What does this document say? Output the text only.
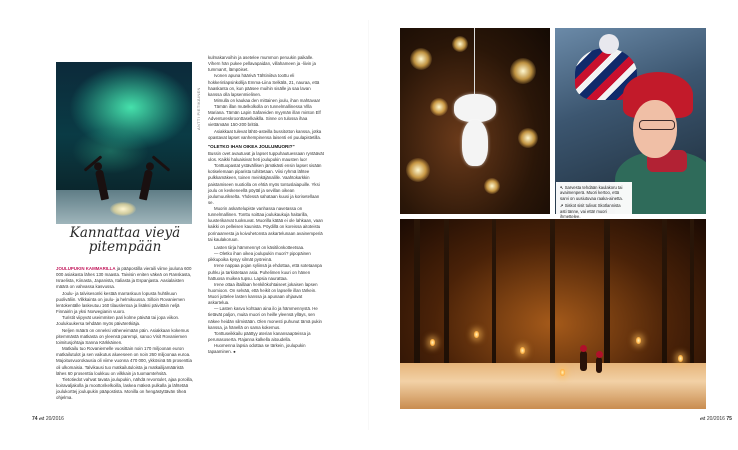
ANTTI PIETIKÄINEN
Kannattaa vieyä pitempään

JOULUPUKIN KAMMARILLA ja pääpostilla vieraili viime jouluna 600 000 asiakasta lähes 130 maasta. Taivisin eniten väkeä on Ranskasta, Israelista, Kiinasta, Japanista, Italiasta ja Espanjasta. Aasialaisten määrä on vahvassa kasvussa.

Joulu- ja talvisesonki kestää marraskuun lopusta huhtikuun puoliväliin. Vilkkainta on joulu- ja helmikuussa. Silloin Rovaniemen lentokentälle laskeutuu 160 tilauslentoa ja lisäksi päivittäin neljä Finnairin ja yksi Norwegianin vuoro.

Turistit viipyvät useimmiten pari kolme päivää tai jopa viikon. Joulukuukersa tehdään myös päiväretkiäja.

Neljen määrä on onneksi väheneimään päin. Asiakkaan kokemus pitemmästä matkasta on yleensä parempi, sanoo Visit Rovaniemen toimitusjohtaja Sanna Kärkkäinen.

Matkailu tuo Rovaniemelle vuosittain noin 170 miljoonan euron matkailutulot ja sen vaikutus alueeseen on noin 260 miljoonaa euroa. Majoitusvuorokausia oli viime vuonna 470 000, ykkösinä 55 prosenttia oli ulkomaisia. Talvikausi tuo matkailutuloista ja matkailijamääristä lähes 60 prosenttia loukkuu on vilkkain ja tuomamtehsitä.

Tietotiedot vahvat tavata joulupukin, nähdä revontulet, ajaa poroilla, koiravaljakolla ja moottorikelkoilla, laskea mäkeä pulkalla ja lähtetää joulukorttej joulupukin pääpostista. Monilla on hengästyttävän tiheä ohjelma.

kulmakarvoihin ja asetelee mummon peruukin paikalle. Vihern hän pukee pellavapaidan, villahameen ja -liivin ja tummanrt, lämpöiset.

Ivonen apuna häärivä Tähtiniitva toottu eli hokkerinlapsinkollija Emma-Liina Selkälä, 21, nauraa, että haaskanta on, kun pääsee muihin sisälle ja saa lavan kanssa olla lapsenmielinen.

Mimulla on kaukaa den mittainen joulu, ihan mahtavaa!

Tämän illan mutelkolkolla on tunnelmallinessa Villa Mariana. Tämän Lapin Safareiden myymän illan minton Elf Adventureskroonttaselkaiklla. Sinne on tulossa ihaa viettämään 150-200 brittiä.

Asiakkaat tulevat lähtö-asteilla bussitotton kanssa, jotka opastavat lapset vanhempinensa laisenti eri puulapistetilla.

"OLETKO IHAN OIKEA JOULUMUORI?"

Bussin ovet avautuvat ja lapset tuppuhautuessaan ryntäävät ulos. Kaikki haluaisivat heti joulupukin mausten luo!

Tonttuopastat ystävällisen jämäkästi ensin lapset sisään kotiselemaan piparista tuhittetaan. Viisi ryhmä lähtee pulkkamäkeen, toinen meinkäjänalille. Vaahtokarkkin paistamiseen nuotiolla on ehtiä myös tontuslaiapuille. Yksi joulu on keskeneellä pöytäl ja sevillan oikean joulumuurikselta. Yhdessä sahataan kuusi ja korisetellaan se.

Muorin askartelupiste vanhassa navetassa on tunnelmallinen. Tonttu soittaa joulukaukuja haitarilla, luusterikarvat tuoksuvat. Muorilla kätää ei ole lahkaan, vaan kaikki on pelleisen kaunista. Pöydillä on koreissa aitoteistu porinaarvesta ja koivuhetonsta askartelunaan avainemperiä tai kaulakoruun.

Lasten tiirja hämmennyt on käsitilonkotteetsaa.

— Oletko ihan oikea joulupukin muori? pipopäinen pikkupoika kysyy silmät pyöreinä.

Irene nappaa pojan syliinsä ja ehdottaa, että sotetaanpa puhku ja tarkistetaan asia. Puhelimen kuuri on hänen hattuosa muikea tupsu. Lapsia naurattaa.

Irene ottaa iltaillaan henkilökohtaiseet jokaisen lapsen huomioon. On selvää, että heikit on lapselle illan tärkein. Muori juttelee lasten kanssa ja apunaan ohjaavat askartelua.

— Lasten kasvu kohtaan aina ilo ja hämmennystä. He tietävät paljon, muita muori on heille yleensä ylläys, sen näkee heidän silmistään. Olen monesti puhunut tämä pukin kanssa, ja hänellä on sama kokemus.

Tonttuseikkailu päättyy aterian kanansaapteissa ja perunasoserta. Rajanna kalkella aitoudella.

Huomenna lapsia odottaa se tärkein, joulupukin tapaaminen. ●

74 et 20/2016

↖ Sarvesta tehdään kaulakoru tai avaimenperä. Muori kertoo, että sarvi on uusiutuvaa raaka-ainetta.

↗ Siskot sisit tulivat Skotlannista asti tänne, vai että! muori ihmettelee.

et 20/2016 75
